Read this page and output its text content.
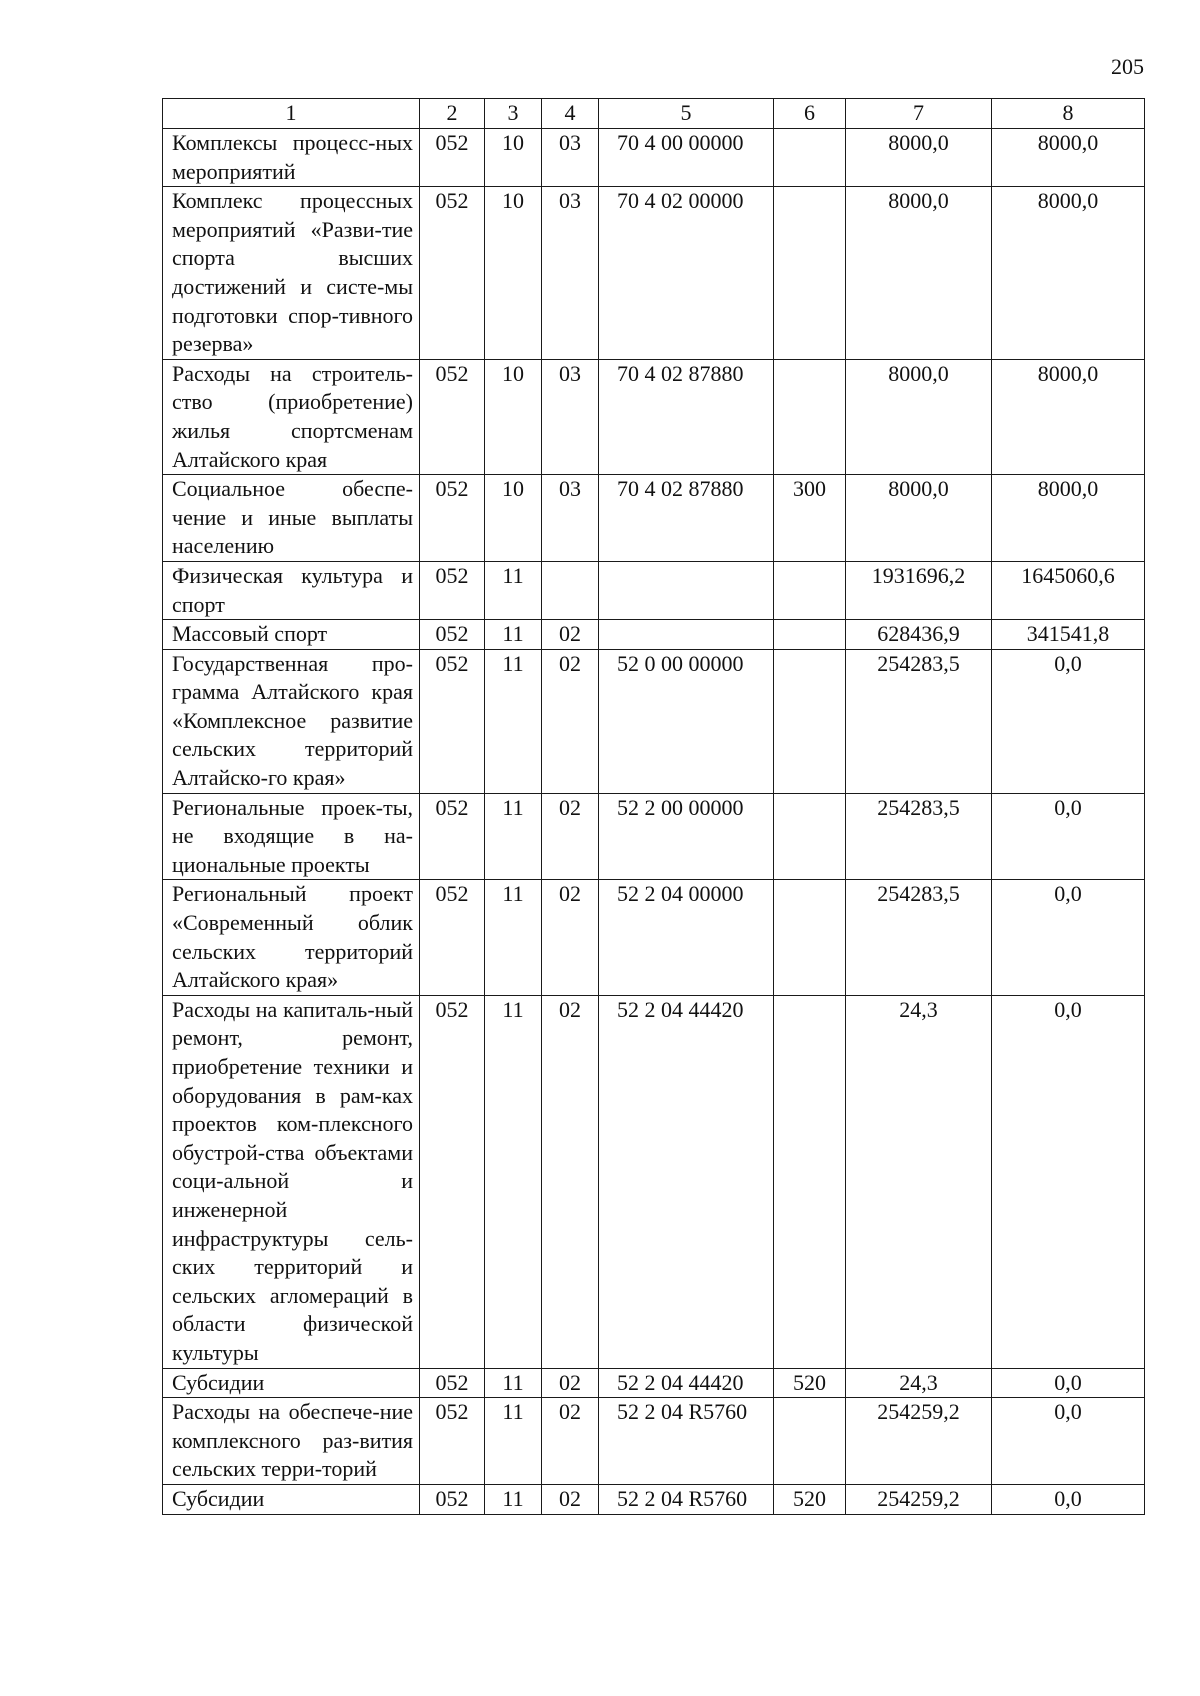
205
1	2	3	4	5	6	7	8
Комплексы процесс-ных мероприятий	052	10	03	70 4 00 00000		8000,0	8000,0
Комплекс процессных мероприятий «Разви-тие спорта высших достижений и систе-мы подготовки спор-тивного резерва»	052	10	03	70 4 02 00000		8000,0	8000,0
Расходы на строитель-ство (приобретение) жилья спортсменам Алтайского края	052	10	03	70 4 02 87880		8000,0	8000,0
Социальное обеспе-чение и иные выплаты населению	052	10	03	70 4 02 87880	300	8000,0	8000,0
Физическая культура и спорт	052	11				1931696,2	1645060,6
Массовый спорт	052	11	02			628436,9	341541,8
Государственная про-грамма Алтайского края «Комплексное развитие сельских территорий Алтайско-го края»	052	11	02	52 0 00 00000		254283,5	0,0
Региональные проек-ты, не входящие в на-циональные проекты	052	11	02	52 2 00 00000		254283,5	0,0
Региональный проект «Современный облик сельских территорий Алтайского края»	052	11	02	52 2 04 00000		254283,5	0,0
Расходы на капиталь-ный ремонт, ремонт, приобретение техники и оборудования в рам-ках проектов ком-плексного обустрой-ства объектами соци-альной и инженерной инфраструктуры сель-ских территорий и сельских агломераций в области физической культуры	052	11	02	52 2 04 44420		24,3	0,0
Субсидии	052	11	02	52 2 04 44420	520	24,3	0,0
Расходы на обеспече-ние комплексного раз-вития сельских терри-торий	052	11	02	52 2 04 R5760		254259,2	0,0
Субсидии	052	11	02	52 2 04 R5760	520	254259,2	0,0
